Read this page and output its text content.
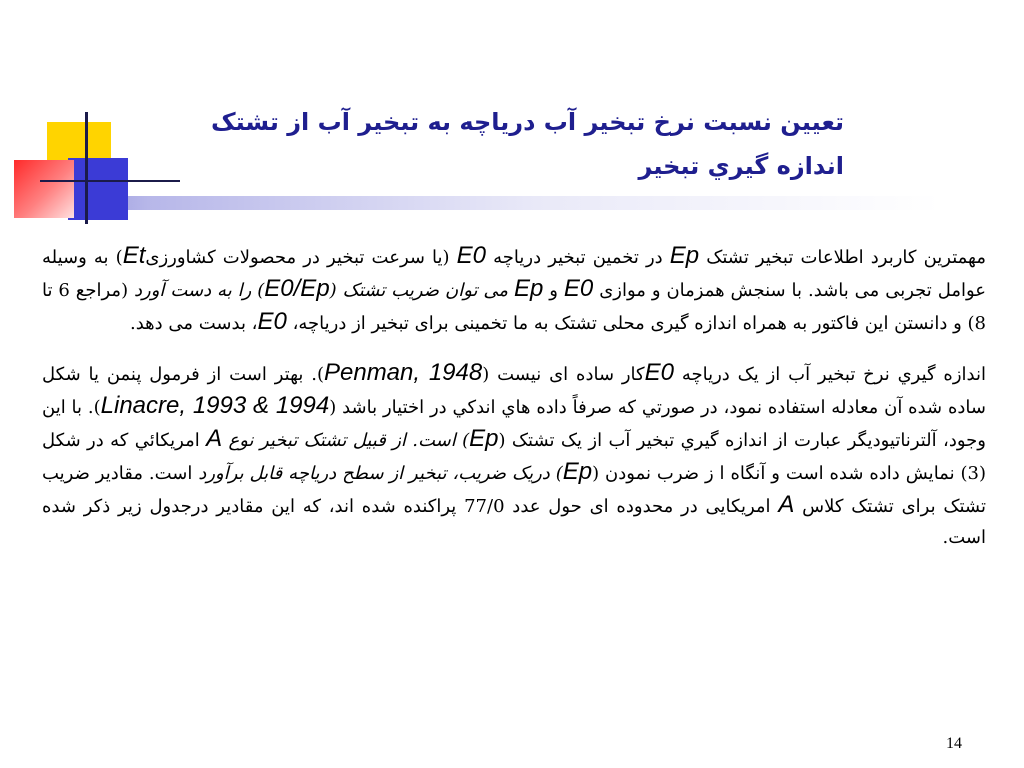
تعیین نسبت نرخ تبخیر آب دریاچه به تبخیر آب از تشتک
اندازه گيري تبخير

مهمترین کاربرد اطلاعات تبخیر تشتک Ep در تخمین تبخیر دریاچه E0 (یا سرعت تبخیر در محصولات کشاورزیEt) به وسیله عوامل تجربی می باشد. با سنجش همزمان و موازی E0 و Ep می توان ضریب تشتک (E0/Ep) را به دست آورد (مراجع 6 تا 8) و دانستن این فاکتور به همراه اندازه گیری محلی تشتک به ما تخمینی برای تبخیر از دریاچه، E0، بدست می دهد.

اندازه گيري نرخ تبخیر آب از یک دریاچه E0کار ساده ای نیست (Penman, 1948). بهتر است از فرمول پنمن یا شكل ساده شده آن معادله استفاده نمود، در صورتي كه صرفاً داده هاي اندكي در اختيار باشد (Linacre, 1993 & 1994). با این وجود، آلترناتیودیگر عبارت از اندازه گيري تبخير آب از یک تشتک (Ep) است. از قبیل تشتک تبخیر نوع A امريكائي كه در شكل (3) نمايش داده شده است و آنگاه ا ز ضرب نمودن (Ep) دریک ضریب، تبخیر از سطح دریاچه قابل برآورد است. مقادیر ضریب تشتک برای تشتک کلاس A امریکایی در محدوده ای حول عدد 77/0 پراکنده شده اند، که این مقادیر درجدول زیر ذکر شده است.

14
